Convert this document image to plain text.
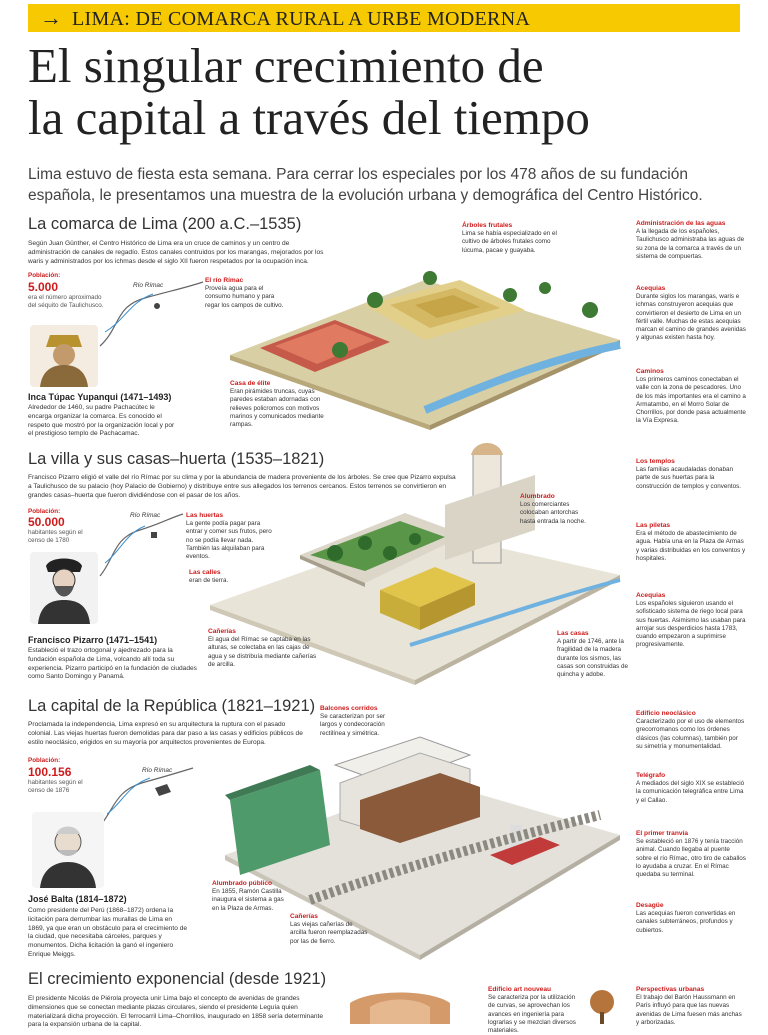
→ LIMA: DE COMARCA RURAL A URBE MODERNA
El singular crecimiento de
la capital a través del tiempo
Lima estuvo de fiesta esta semana. Para cerrar los especiales por los 478 años de su fundación española, le presentamos una muestra de la evolución urbana y demográfica del Centro Histórico.
La comarca de Lima (200 a.C.–1535)
Según Juan Günther, el Centro Histórico de Lima era un cruce de caminos y un centro de administración de canales de regadío. Estos canales contruidos por los marangas, mejorados por los waris y administrados por los ichmas desde el siglo XII fueron respetados por la ocupación inca.
Población:
5.000
era el número aproximado del séquito de Taulichusco.
Río Rímac
Inca Túpac Yupanqui (1471–1493)
Alrededor de 1460, su padre Pachacútec le encarga organizar la comarca. Es conocido el respeto que mostró por la organización local y por el prestigioso templo de Pachacamac.
Árboles frutales
Lima se había especializado en el cultivo de árboles frutales como lúcuma, pacae y guayaba.
El río Rímac
Proveía agua para el consumo humano y para regar los campos de cultivo.
Casa de élite
Eran pirámides truncas, cuyas paredes estaban adornadas con relieves policromos con motivos marinos y comunicados mediante rampas.
Administración de las aguas
A la llegada de los españoles, Taulichusco administraba las aguas de su zona de la comarca a través de un sistema de compuertas.
Acequias
Durante siglos los marangas, waris e ichmas construyeron acequias que convirtieron el desierto de Lima en un fértil valle. Muchas de estas acequias marcan el camino de grandes avenidas y algunas existen hasta hoy.
Caminos
Los primeros caminos conectaban el valle con la zona de pescadores. Uno de los más importantes era el camino a Armatambo, en el Morro Solar de Chorrillos, por donde pasa actualmente la Vía Expresa.
La villa y sus casas–huerta (1535–1821)
Francisco Pizarro eligió el valle del río Rímac por su clima y por la abundancia de madera proveniente de los árboles. Se cree que Pizarro expulsa a Taulichusco de su palacio (hoy Palacio de Gobierno) y distribuye entre sus allegados los terrenos cercanos. Estos terrenos se convirtieron en grandes casas–huerta que fueron dividiéndose con el pasar de los años.
Población:
50.000
habitantes según el censo de 1780
Río Rímac
Francisco Pizarro (1471–1541)
Estableció el trazo ortogonal y ajedrezado para la fundación española de Lima, volcando allí toda su experiencia. Pizarro participó en la fundación de ciudades como Santo Domingo y Panamá.
Las huertas
La gente podía pagar para entrar y comer sus frutos, pero no se podía llevar nada. También las alquilaban para eventos.
Las calles
eran de tierra.
Cañerías
El agua del Rímac se captaba en las alturas, se colectaba en las cajas de agua y se distribuía mediante cañerías de arcilla.
Alumbrado
Los comerciantes colocaban antorchas hasta entrada la noche.
Las casas
A partir de 1746, ante la fragilidad de la madera durante los sismos, las casas son construidas de quincha y adobe.
Los templos
Las familias acaudaladas donaban parte de sus huertas para la construcción de templos y conventos.
Las piletas
Era el método de abastecimiento de agua. Había una en la Plaza de Armas y varias distribuidas en los conventos y hospitales.
Acequias
Los españoles siguieron usando el sofisticado sistema de riego local para sus huertas. Asimismo las usaban para arrojar sus desperdicios hasta 1783, cuando empezaron a suprimirse progresivamente.
La capital de la República (1821–1921)
Proclamada la independencia, Lima expresó en su arquitectura la ruptura con el pasado colonial. Las viejas huertas fueron demolidas para dar paso a las casas y edificios públicos de estilo neoclásico, erigidos en su mayoría por arquitectos provenientes de Europa.
Población:
100.156
habitantes según el censo de 1876
Río Rímac
José Balta (1814–1872)
Como presidente del Perú (1868–1872) ordena la licitación para derrumbar las murallas de Lima en 1869, ya que eran un obstáculo para el crecimiento de la ciudad, que necesitaba cárceles, parques y monumentos. Dicha licitación la ganó el ingeniero Enrique Meiggs.
Balcones corridos
Se caracterizan por ser largos y condecoración rectilínea y simétrica.
Alumbrado público
En 1855, Ramón Castilla inaugura el sistema a gas en la Plaza de Armas.
Cañerías
Las viejas cañerías de arcilla fueron reemplazadas por las de fierro.
Edificio neoclásico
Caracterizado por el uso de elementos grecorromanos como los órdenes clásicos (las columnas), también por su simetría y monumentalidad.
Telégrafo
A mediados del siglo XIX se estableció la comunicación telegráfica entre Lima y el Callao.
El primer tranvía
Se estableció en 1876 y tenía tracción animal. Cuando llegaba al puente sobre el río Rímac, otro tiro de caballos lo ayudaba a cruzar. En el Rímac quedaba su terminal.
Desagüe
Las acequias fueron convertidas en canales subterráneos, profundos y cubiertos.
El crecimiento exponencial (desde 1921)
El presidente Nicolás de Piérola proyecta unir Lima bajo el concepto de avenidas de grandes dimensiones que se conectan mediante plazas circulares, siendo el presidente Leguía quien materializará dicha proyección. El ferrocarril Lima–Chorrillos, inaugurado en 1858 sería determinante para la expansión urbana de la capital.
Edificio art nouveau
Se caracteriza por la utilización de curvas, se aprovechan los avances en ingeniería para lograrlas y se mezclan diversos materiales.
Perspectivas urbanas
El trabajo del Barón Haussmann en París influyó para que las nuevas avenidas de Lima fuesen más anchas y arborizadas.
